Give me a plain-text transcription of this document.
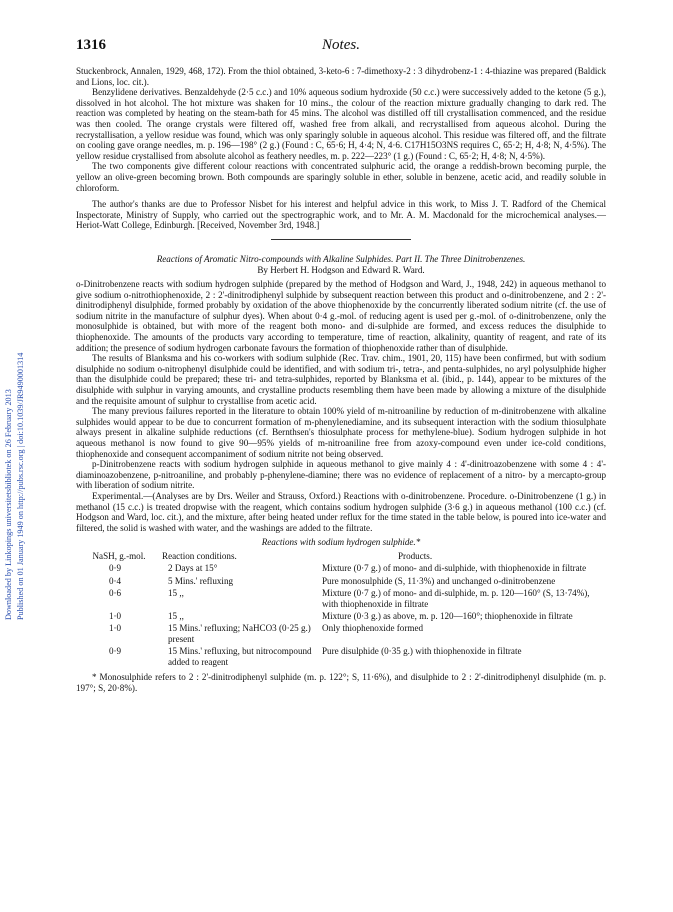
Downloaded by Linkopings universitetsbibliotek on 26 February 2013 Published on 01 January 1949 on http://pubs.rsc.org | doi:10.1039/JR9490001314
1316	Notes.

Stuckenbrock, Annalen, 1929, 468, 172). From the thiol obtained, 3-keto-6 : 7-dimethoxy-2 : 3 dihydrobenz-1 : 4-thiazine was prepared (Baldick and Lions, loc. cit.).

Benzylidene derivatives. Benzaldehyde (2·5 c.c.) and 10% aqueous sodium hydroxide (50 c.c.) were successively added to the ketone (5 g.), dissolved in hot alcohol. The hot mixture was shaken for 10 mins., the colour of the reaction mixture gradually changing to dark red. The reaction was completed by heating on the steam-bath for 45 mins. The alcohol was distilled off till crystallisation commenced, and the residue was then cooled. The orange crystals were filtered off, washed free from alkali, and recrystallised from aqueous alcohol. During the recrystallisation, a yellow residue was found, which was only sparingly soluble in aqueous alcohol. This residue was filtered off, and the filtrate on cooling gave orange needles, m. p. 196—198° (2 g.) (Found : C, 65·6; H, 4·4; N, 4·6. C17H15O3NS requires C, 65·2; H, 4·8; N, 4·5%). The yellow residue crystallised from absolute alcohol as feathery needles, m. p. 222—223° (1 g.) (Found : C, 65·2; H, 4·8; N, 4·5%).

The two components give different colour reactions with concentrated sulphuric acid, the orange a reddish-brown becoming purple, the yellow an olive-green becoming brown. Both compounds are sparingly soluble in ether, soluble in benzene, acetic acid, and readily soluble in chloroform.

The author's thanks are due to Professor Nisbet for his interest and helpful advice in this work, to Miss J. T. Radford of the Chemical Inspectorate, Ministry of Supply, who carried out the spectrographic work, and to Mr. A. M. Macdonald for the microchemical analyses.—Heriot-Watt College, Edinburgh. [Received, November 3rd, 1948.]

Reactions of Aromatic Nitro-compounds with Alkaline Sulphides. Part II. The Three Dinitrobenzenes.

By Herbert H. Hodgson and Edward R. Ward.

o-Dinitrobenzene reacts with sodium hydrogen sulphide (prepared by the method of Hodgson and Ward, J., 1948, 242) in aqueous methanol to give sodium o-nitrothiophenoxide, 2 : 2'-dinitrodiphenyl sulphide by subsequent reaction between this product and o-dinitrobenzene, and 2 : 2'-dinitrodiphenyl disulphide, formed probably by oxidation of the above thiophenoxide by the concurrently liberated sodium nitrite (cf. the use of sodium nitrite in the manufacture of sulphur dyes). When about 0·4 g.-mol. of reducing agent is used per g.-mol. of o-dinitrobenzene, only the monosulphide is obtained, but with more of the reagent both mono- and di-sulphide are formed, and excess reduces the disulphide to thiophenoxide. The amounts of the products vary according to temperature, time of reaction, alkalinity, quantity of reagent, and rate of its addition; the presence of sodium hydrogen carbonate favours the formation of thiophenoxide rather than of disulphide.

The results of Blanksma and his co-workers with sodium sulphide (Rec. Trav. chim., 1901, 20, 115) have been confirmed, but with sodium disulphide no sodium o-nitrophenyl disulphide could be identified, and with sodium tri-, tetra-, and penta-sulphides, no aryl polysulphide higher than the disulphide could be prepared; these tri- and tetra-sulphides, reported by Blanksma et al. (ibid., p. 144), appear to be mixtures of the disulphide with sulphur in varying amounts, and crystalline products resembling them have been made by allowing a mixture of the disulphide and the requisite amount of sulphur to crystallise from acetic acid.

The many previous failures reported in the literature to obtain 100% yield of m-nitroaniline by reduction of m-dinitrobenzene with alkaline sulphides would appear to be due to concurrent formation of m-phenylenediamine, and its subsequent interaction with the sodium thiosulphate always present in alkaline sulphide reductions (cf. Bernthsen's thiosulphate process for methylene-blue). Sodium hydrogen sulphide in hot aqueous methanol is now found to give 90—95% yields of m-nitroaniline free from azoxy-compound even under ice-cold conditions, thiophenoxide and consequent accompaniment of sodium nitrite not being observed.

p-Dinitrobenzene reacts with sodium hydrogen sulphide in aqueous methanol to give mainly 4 : 4'-dinitroazobenzene with some 4 : 4'-diaminoazobenzene, p-nitroaniline, and probably p-phenylene-diamine; there was no evidence of replacement of a nitro- by a mercapto-group with liberation of sodium nitrite.

Experimental.—(Analyses are by Drs. Weiler and Strauss, Oxford.) Reactions with o-dinitrobenzene. Procedure. o-Dinitrobenzene (1 g.) in methanol (15 c.c.) is treated dropwise with the reagent, which contains sodium hydrogen sulphide (3·6 g.) in aqueous methanol (100 c.c.) (cf. Hodgson and Ward, loc. cit.), and the mixture, after being heated under reflux for the time stated in the table below, is poured into ice-water and filtered, the solid is washed with water, and the washings are added to the filtrate.

Reactions with sodium hydrogen sulphide.*
NaSH, g.-mol.	Reaction conditions.	Products.
0·9	2 Days at 15°	Mixture (0·7 g.) of mono- and di-sulphide, with thiophenoxide in filtrate
0·4	5 Mins.' refluxing	Pure monosulphide (S, 11·3%) and unchanged o-dinitrobenzene
0·6	15 ,,	Mixture (0·7 g.) of mono- and di-sulphide, m. p. 120—160° (S, 13·74%), with thiophenoxide in filtrate
1·0	15 ,,	Mixture (0·3 g.) as above, m. p. 120—160°; thiophenoxide in filtrate
1·0	15 Mins.' refluxing; NaHCO3 (0·25 g.) present	Only thiophenoxide formed
0·9	15 Mins.' refluxing, but nitrocompound added to reagent	Pure disulphide (0·35 g.) with thiophenoxide in filtrate

* Monosulphide refers to 2 : 2'-dinitrodiphenyl sulphide (m. p. 122°; S, 11·6%), and disulphide to 2 : 2'-dinitrodiphenyl disulphide (m. p. 197°; S, 20·8%).
